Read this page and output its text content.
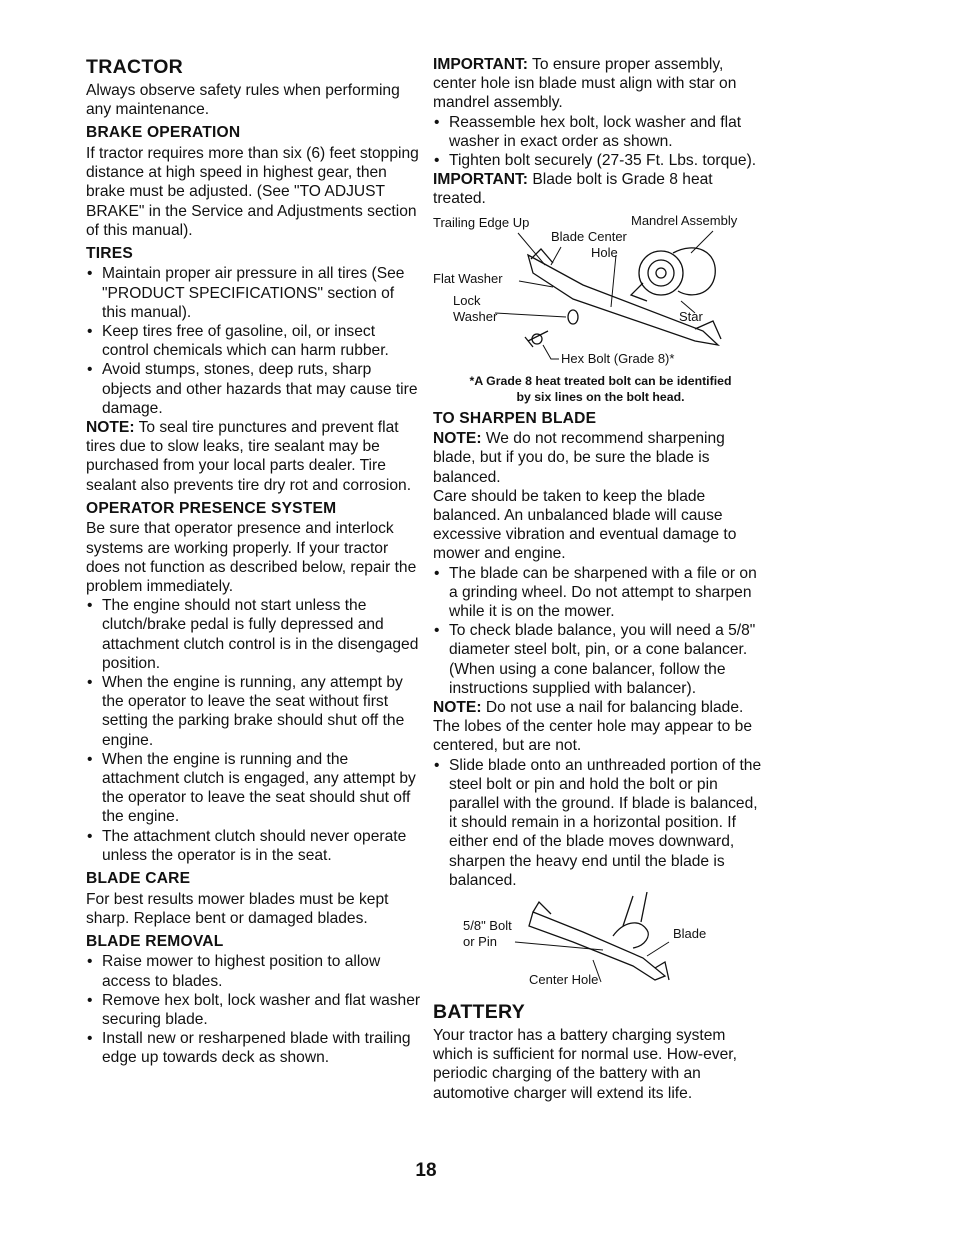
TRACTOR

Always observe safety rules when performing any maintenance.

BRAKE OPERATION

If tractor requires more than six (6) feet stopping distance at high speed in highest gear, then brake must be adjusted. (See "TO ADJUST BRAKE" in the Service and Adjustments section of this manual).

TIRES
• Maintain proper air pressure in all tires (See "PRODUCT SPECIFICATIONS" section of this manual).
• Keep tires free of gasoline, oil, or insect control chemicals which can harm rubber.
• Avoid stumps, stones, deep ruts, sharp objects and other hazards that may cause tire damage.

NOTE: To seal tire punctures and prevent flat tires due to slow leaks, tire sealant may be purchased from your local parts dealer. Tire sealant also prevents tire dry rot and corrosion.

OPERATOR PRESENCE SYSTEM

Be sure that operator presence and interlock systems are working properly. If your tractor does not function as described below, repair the problem immediately.

• The engine should not start unless the clutch/brake pedal is fully depressed and attachment clutch control is in the disengaged position.
• When the engine is running, any attempt by the operator to leave the seat without first setting the parking brake should shut off the engine.
• When the engine is running and the attachment clutch is engaged, any attempt by the operator to leave the seat should shut off the engine.
• The attachment clutch should never operate unless the operator is in the seat.
BLADE CARE

For best results mower blades must be kept sharp. Replace bent or damaged blades.

BLADE REMOVAL
• Raise mower to highest position to allow access to blades.
• Remove hex bolt, lock washer and flat washer securing blade.
• Install new or resharpened blade with trailing edge up towards deck as shown.

IMPORTANT: To ensure proper assembly, center hole isn blade must align with star on mandrel assembly.

• Reassemble hex bolt, lock washer and flat washer in exact order as shown.
• Tighten bolt securely (27-35 Ft. Lbs. torque).

IMPORTANT: Blade bolt is Grade 8 heat treated.

Trailing Edge Up	Mandrel Assembly
Blade Center
Hole
Flat Washer
Lock
Washer	Star
Hex Bolt (Grade 8)*

*A Grade 8 heat treated bolt can be identified

by six lines on the bolt head.

TO SHARPEN BLADE

NOTE: We do not recommend sharpening blade, but if you do, be sure the blade is balanced.

Care should be taken to keep the blade balanced. An unbalanced blade will cause excessive vibration and eventual damage to mower and engine.

• The blade can be sharpened with a file or on a grinding wheel. Do not attempt to sharpen while it is on the mower.
• To check blade balance, you will need a 5/8" diameter steel bolt, pin, or a cone balancer. (When using a cone balancer, follow the instructions supplied with balancer).

NOTE: Do not use a nail for balancing blade. The lobes of the center hole may appear to be centered, but are not.

• Slide blade onto an unthreaded portion of the steel bolt or pin and hold the bolt or pin parallel with the ground. If blade is balanced, it should remain in a horizontal position. If either end of the blade moves downward, sharpen the heavy end until the blade is balanced.
5/8" Bolt
or Pin
Blade
Center Hole
BATTERY

Your tractor has a battery charging system which is sufficient for normal use. How-ever, periodic charging of the battery with an automotive charger will extend its life.

18
